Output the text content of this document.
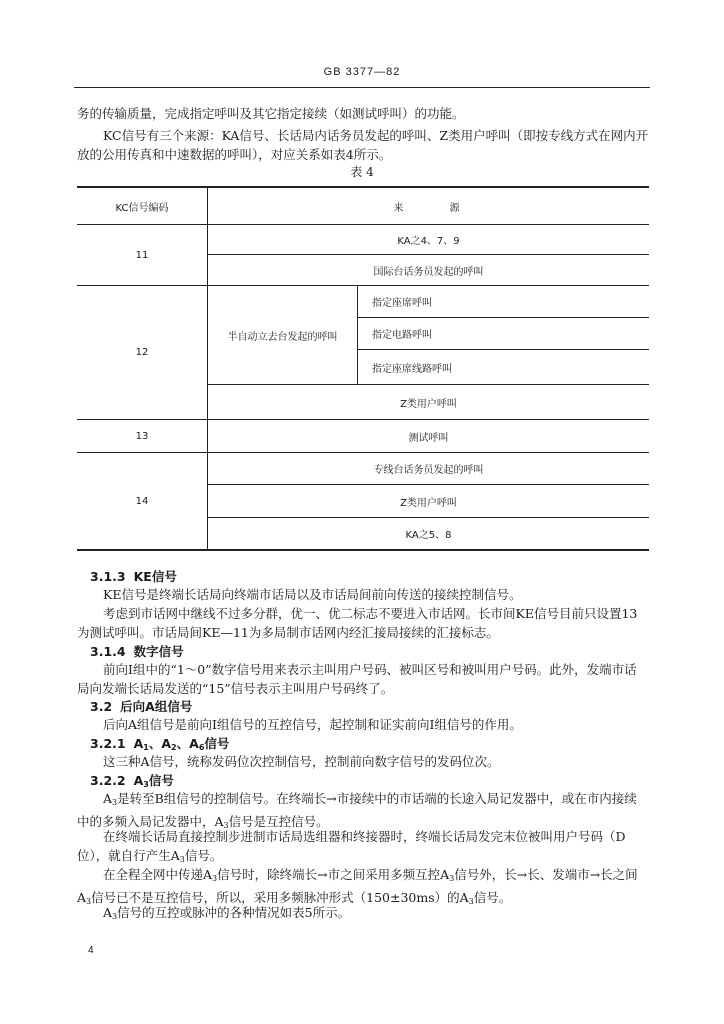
GB 3377—82

务的传输质量，完成指定呼叫及其它指定接续（如测试呼叫）的功能。

KC信号有三个来源：KA信号、长话局内话务员发起的呼叫、Z类用户呼叫（即按专线方式在网内开放的公用传真和中速数据的呼叫），对应关系如表4所示。

表 4
KC信号编码	来　　　源
11
KA之4、7、9
国际台话务员发起的呼叫
12
半自动立去台发起的呼叫
指定座席呼叫
指定电路呼叫
指定座席线路呼叫
Z类用户呼叫
13	测试呼叫
14
专线台话务员发起的呼叫
Z类用户呼叫
KA之5、8
3.1.3 KE信号

KE信号是终端长话局向终端市话局以及市话局间前向传送的接续控制信号。

考虑到市话网中继线不过多分群，优一、优二标志不要进入市话网。长市间KE信号目前只设置13为测试呼叫。市话局间KE—11为多局制市话网内经汇接局接续的汇接标志。

3.1.4 数字信号

前向I组中的“1～0”数字信号用来表示主叫用户号码、被叫区号和被叫用户号码。此外，发端市话局向发端长话局发送的“15”信号表示主叫用户号码终了。

3.2 后向A组信号

后向A组信号是前向I组信号的互控信号，起控制和证实前向I组信号的作用。

3.2.1 $A_1$、$A_2$、$A_6$信号

这三种A信号，统称发码位次控制信号，控制前向数字信号的发码位次。

3.2.2 $A_3$信号

$A_3$是转至B组信号的控制信号。在终端长→市接续中的市话端的长途入局记发器中，或在市内接续中的多频入局记发器中，$A_3$信号是互控信号。

在终端长话局直接控制步进制市话局选组器和终接器时，终端长话局发完末位被叫用户号码（D位），就自行产生$A_3$信号。

在全程全网中传递$A_3$信号时，除终端长→市之间采用多频互控$A_3$信号外，长→长、发端市→长之间$A_3$信号已不是互控信号，所以，采用多频脉冲形式（150±30ms）的$A_3$信号。

$A_3$信号的互控或脉冲的各种情况如表5所示。

4
